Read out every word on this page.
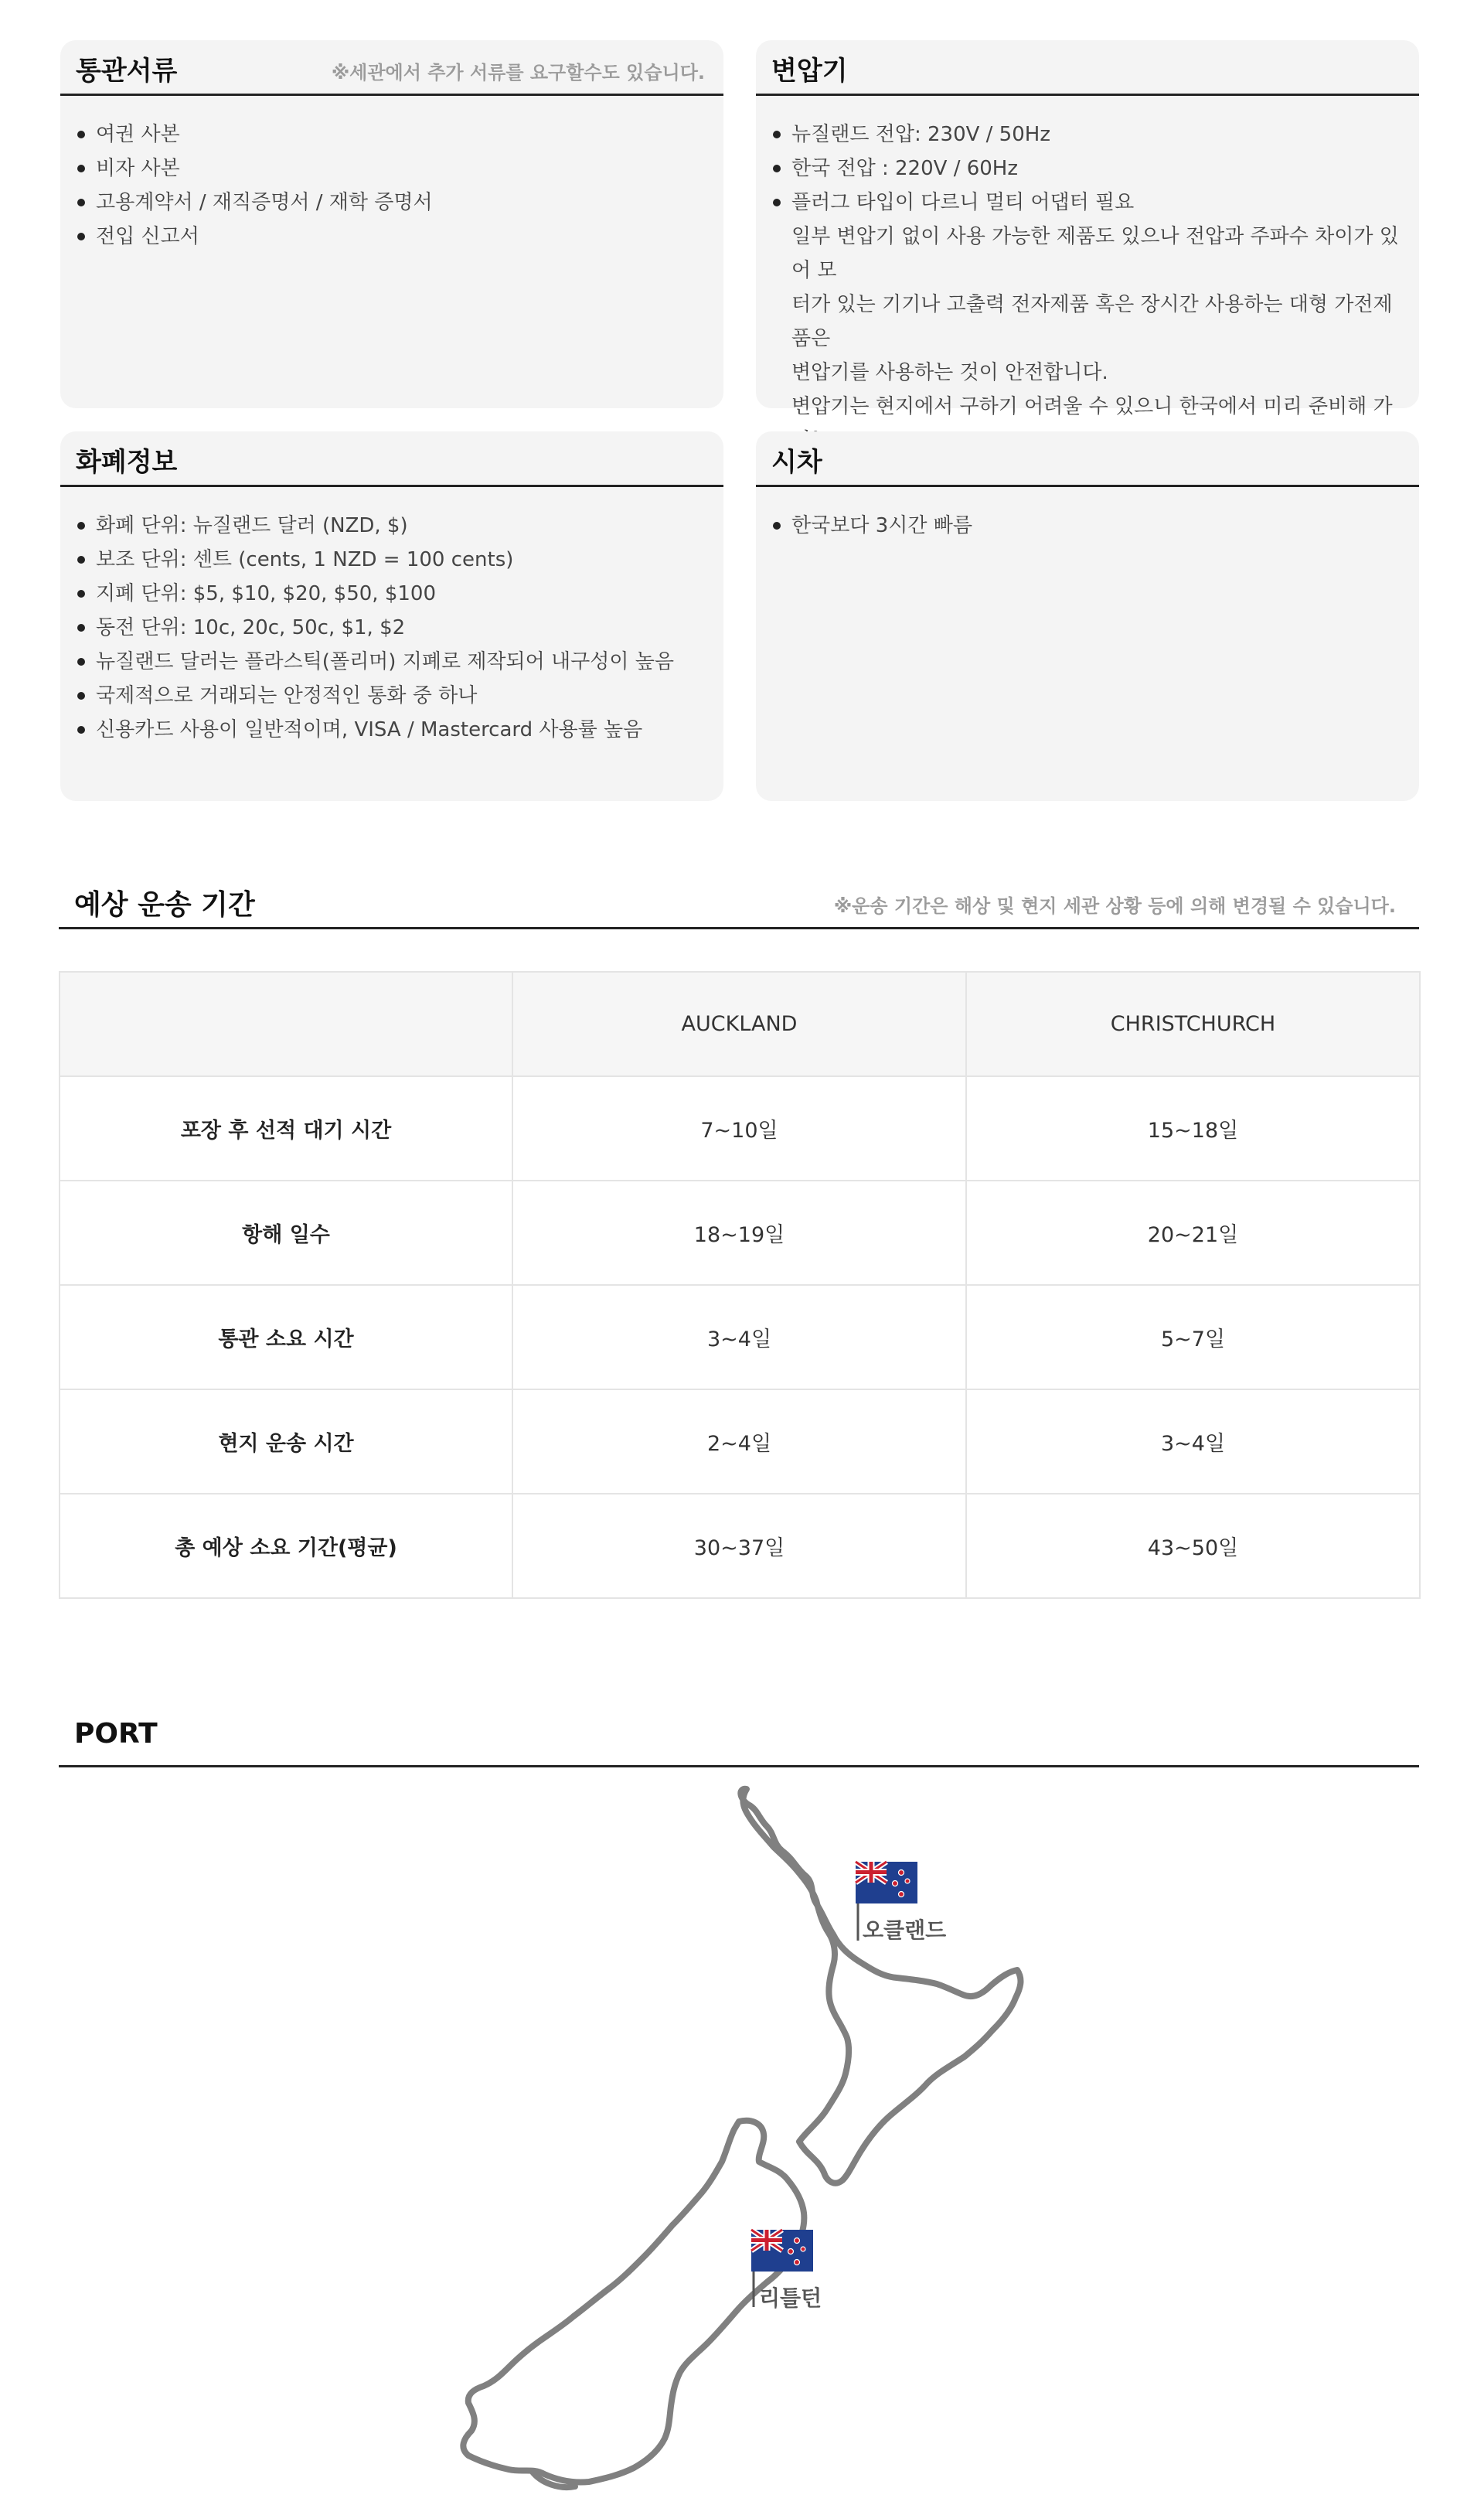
통관서류	※세관에서 추가 서류를 요구할수도 있습니다.
여권 사본
비자 사본
고용계약서 / 재직증명서 / 재학 증명서
전입 신고서
변압기
뉴질랜드 전압: 230V / 50Hz
한국 전압 : 220V / 60Hz
플러그 타입이 다르니 멀티 어댑터 필요
일부 변압기 없이 사용 가능한 제품도 있으나 전압과 주파수 차이가 있어 모
터가 있는 기기나 고출력 전자제품 혹은 장시간 사용하는 대형 가전제품은
변압기를 사용하는 것이 안전합니다.
변압기는 현지에서 구하기 어려울 수 있으니 한국에서 미리 준비해 가
화폐정보
화폐 단위: 뉴질랜드 달러 (NZD, $)
보조 단위: 센트 (cents, 1 NZD = 100 cents)
지폐 단위: $5, $10, $20, $50, $100
동전 단위: 10c, 20c, 50c, $1, $2
뉴질랜드 달러는 플라스틱(폴리머) 지폐로 제작되어 내구성이 높음
국제적으로 거래되는 안정적인 통화 중 하나
신용카드 사용이 일반적이며, VISA / Mastercard 사용률 높음
시차
한국보다 3시간 빠름
예상 운송 기간	※운송 기간은 해상 및 현지 세관 상황 등에 의해 변경될 수 있습니다.
	AUCKLAND	CHRISTCHURCH
포장 후 선적 대기 시간	7~10일	15~18일
항해 일수	18~19일	20~21일
통관 소요 시간	3~4일	5~7일
현지 운송 시간	2~4일	3~4일
총 예상 소요 기간(평균)	30~37일	43~50일
PORT
오클랜드
리틀턴
